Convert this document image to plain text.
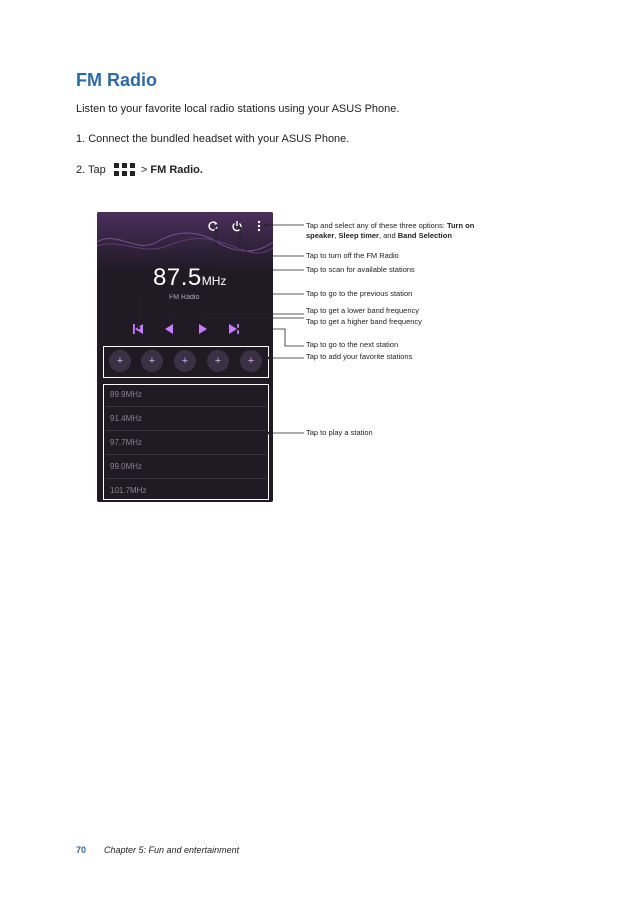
FM Radio
Listen to your favorite local radio stations using your ASUS Phone.
1. Connect the bundled headset with your ASUS Phone.
2. Tap	> FM Radio.
87.5MHz
FM Radio
+	+	+	+	+
89.9MHz
91.4MHz
97.7MHz
99.0MHz
101.7MHz
Tap and select any of these three options: Turn on
speaker, Sleep timer, and Band Selection
Tap to turn off the FM Radio
Tap to scan for available stations
Tap to go to the previous station
Tap to get a lower band frequency
Tap to get a higher band frequency
Tap to go to the next station
Tap to add your favorite stations
Tap to play a station
70 Chapter 5: Fun and entertainment
